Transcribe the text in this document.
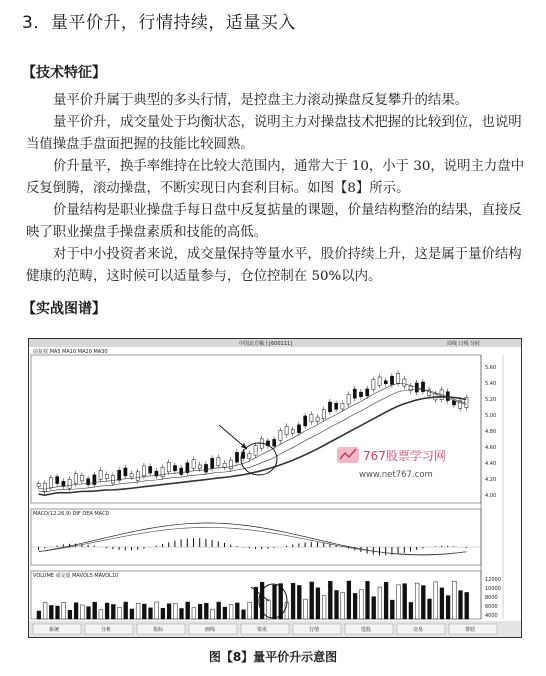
3．量平价升，行情持续，适量买入
【技术特征】

量平价升属于典型的多头行情，是控盘主力滚动操盘反复攀升的结果。

量平价升，成交量处于均衡状态，说明主力对操盘技术把握的比较到位，也说明当值操盘手盘面把握的技能比较圆熟。

价升量平，换手率维持在比较大范围内，通常大于 10，小于 30，说明主力盘中反复倒腾，滚动操盘，不断实现日内套利目标。如图【8】所示。

价量结构是职业操盘手每日盘中反复掂量的课题，价量结构整治的结果，直接反映了职业操盘手操盘素质和技能的高低。

对于中小投资者来说，成交量保持等量水平，股价持续上升，这是属于量价结构健康的范畴，这时候可以适量参与，仓位控制在 50%以内。

【实战图谱】
中国北方稀土[600111]	周线 日线 分时
前复权 MA5 MA10 MA20 MA30
5.60
5.40
5.20
5.00
4.80
4.60
4.40
4.20
4.00
12000
10000
8000
6000
4000
767股票学习网
www.net767.com
MACD(12,26,9) DIF DEA MACD
VOLUME 成交量 MAVOL5 MAVOL10
系统	分析	指标	画线	资讯	行情	选股	交易	帮助
图【8】量平价升示意图
